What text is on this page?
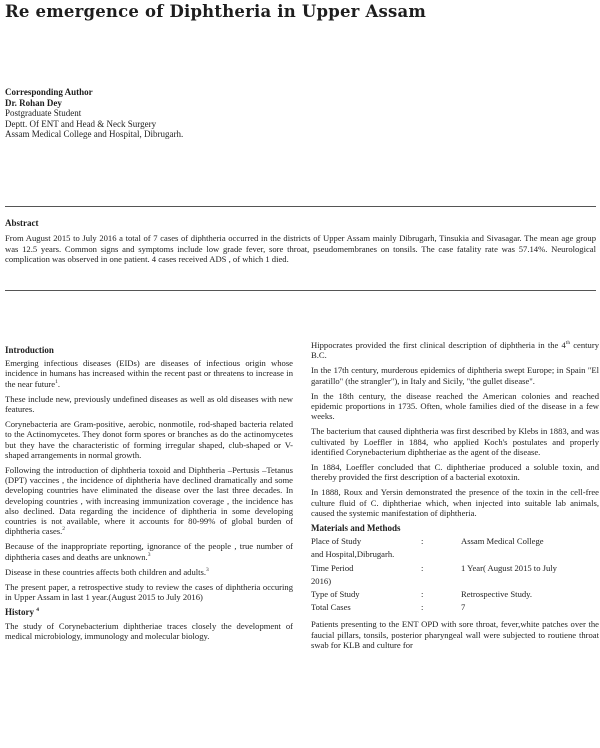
Re emergence of Diphtheria in Upper Assam
Corresponding Author
Dr. Rohan Dey
Postgraduate Student
Deptt. Of ENT and Head & Neck Surgery
Assam Medical College and Hospital, Dibrugarh.
Abstract
From August 2015 to July 2016 a total of 7 cases of diphtheria occurred in the districts of Upper Assam mainly Dibrugarh, Tinsukia and Sivasagar. The mean age group was 12.5 years. Common signs and symptoms include low grade fever, sore throat, pseudomembranes on tonsils. The case fatality rate was 57.14%. Neurological complication was observed in one patient. 4 cases received ADS , of which 1 died.
Introduction

Emerging infectious diseases (EIDs) are diseases of infectious origin whose incidence in humans has increased within the recent past or threatens to increase in the near future$^1$.

These include new, previously undefined diseases as well as old diseases with new features.

Corynebacteria are Gram-positive, aerobic, nonmotile, rod-shaped bacteria related to the Actinomycetes. They donot form spores or branches as do the actinomycetes but they have the characteristic of forming irregular shaped, club-shaped or V-shaped arrangements in normal growth.

Following the introduction of diphtheria toxoid and Diphtheria –Pertusis –Tetanus (DPT) vaccines , the incidence of diphtheria have declined dramatically and some developing countries have eliminated the disease over the last three decades. In developing countries , with increasing immunization coverage , the incidence has also declined. Data regarding the incidence of diphtheria in some developing countries is not available, where it accounts for 80-99% of global burden of diphtheria cases.$^2$

Because of the inappropriate reporting, ignorance of the people , true number of diphtheria cases and deaths are unknown.$^3$

Disease in these countries affects both children and adults.$^3$

The present paper, a retrospective study to review the cases of diphtheria occuring in Upper Assam in last 1 year.(August 2015 to July 2016)

History $^4$

The study of Corynebacterium diphtheriae traces closely the development of medical microbiology, immunology and molecular biology.

Hippocrates provided the first clinical description of diphtheria in the 4th century B.C.

In the 17th century, murderous epidemics of diphtheria swept Europe; in Spain "El garatillo" (the strangler"), in Italy and Sicily, "the gullet disease".

In the 18th century, the disease reached the American colonies and reached epidemic proportions in 1735. Often, whole families died of the disease in a few weeks.

The bacterium that caused diphtheria was first described by Klebs in 1883, and was cultivated by Loeffler in 1884, who applied Koch's postulates and properly identified Corynebacterium diphtheriae as the agent of the disease.

In 1884, Loeffler concluded that C. diphtheriae produced a soluble toxin, and thereby provided the first description of a bacterial exotoxin.

In 1888, Roux and Yersin demonstrated the presence of the toxin in the cell-free culture fluid of C. diphtheriae which, when injected into suitable lab animals, caused the systemic manifestation of diphtheria.

Materials and Methods
Place of Study	:	Assam Medical College
and Hospital,Dibrugarh.		
Time Period	:	1 Year( August 2015 to July
2016)		
Type of Study	:	Retrospective Study.
Total Cases	:	7

Patients presenting to the ENT OPD with sore throat, fever,white patches over the faucial pillars, tonsils, posterior pharyngeal wall were subjected to routiene throat swab for KLB and culture for
